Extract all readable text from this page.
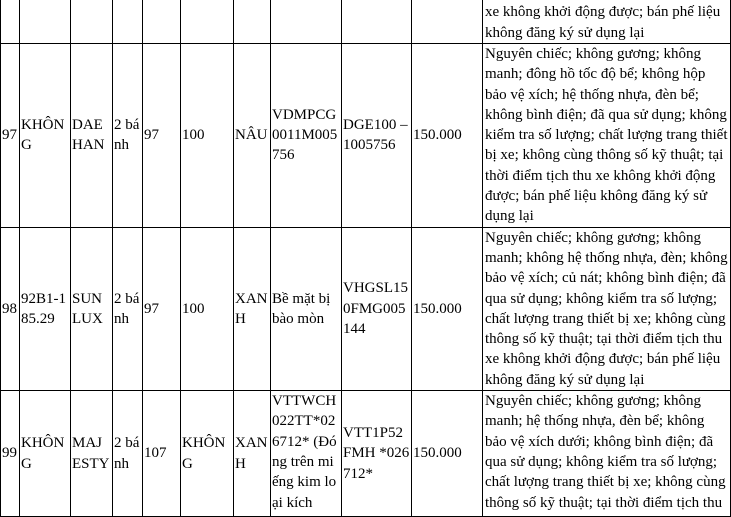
										xe không khởi động được; bán phế liệu không đăng ký sử dụng lại
97	KHÔNG	DAEHAN	2 bánh	97	100	NÂU	VDMPCG0011M005756	DGE100 – 1005756	150.000	Nguyên chiếc; không gương; không manh; đông hồ tốc độ bể; không hộp bảo vệ xích; hệ thống nhựa, đèn bể; không bình điện; đã qua sử dụng; không kiểm tra số lượng; chất lượng trang thiết bị xe; không cùng thông số kỹ thuật; tại thời điểm tịch thu xe không khởi động được; bán phế liệu không đăng ký sử dụng lại
98	92B1-185.29	SUNLUX	2 bánh	97	100	XANH	Bề mặt bị bào mòn	VHGSL150FMG005144	150.000	Nguyên chiếc; không gương; không manh; không hệ thống nhựa, đèn; không bảo vệ xích; củ nát; không bình điện; đã qua sử dụng; không kiểm tra số lượng; chất lượng trang thiết bị xe; không cùng thông số kỹ thuật; tại thời điểm tịch thu xe không khởi động được; bán phế liệu không đăng ký sử dụng lại
99	KHÔNG	MAJESTY	2 bánh	107	KHÔNG	XANH	VTTWCH022TT*026712* (Đóng trên miếng kim loại kích	VTT1P52FMH *026712*	150.000	Nguyên chiếc; không gương; không manh; hệ thống nhựa, đèn bể; không bảo vệ xích dưới; không bình điện; đã qua sử dụng; không kiểm tra số lượng; chất lượng trang thiết bị xe; không cùng thông số kỹ thuật; tại thời điểm tịch thu
